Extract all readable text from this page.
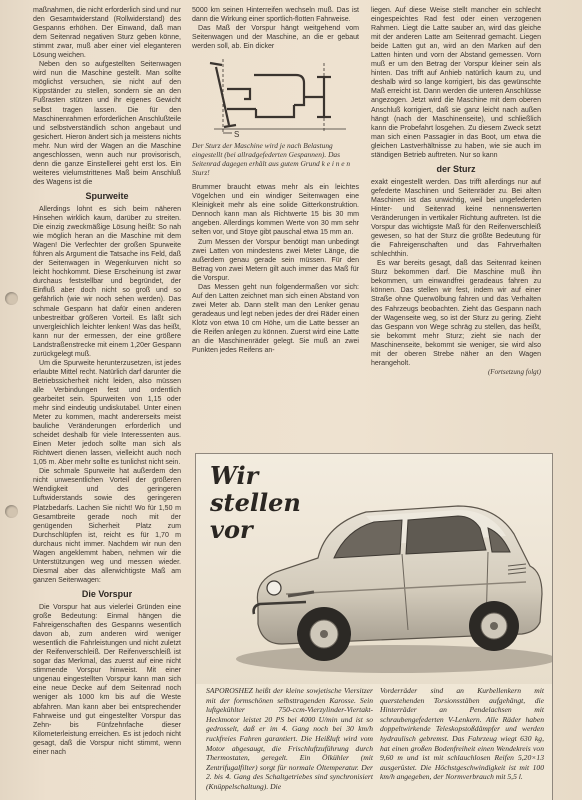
maßnahmen, die nicht erforderlich sind und nur den Gesamtwiderstand (Rollwiderstand) des Gespanns erhöhen. Der Einwand, daß man dem Seitenrad negativen Sturz geben könne, stimmt zwar, muß aber einer viel eleganteren Lösung weichen.

Neben den so aufgestellten Seitenwagen wird nun die Maschine gestellt. Man sollte möglichst versuchen, sie nicht auf den Kippständer zu stellen, sondern sie an den Fußrasten stützen und ihr eigenes Gewicht selbst tragen lassen. Die für den Maschinenrahmen erforderlichen Anschlußteile und selbstverständlich schon angebaut und gesichert. Hieron ändert sich ja meistens nichts mehr. Nun wird der Wagen an die Maschine angeschlossen, wenn auch nur provisorisch, denn die ganze Einstellerei geht erst los. Ein weiteres vielumstrittenes Maß beim Anschluß des Wagens ist die

Spurweite

Allerdings lohnt es sich beim näheren Hinsehen wirklich kaum, darüber zu streiten. Die einzig zweckmäßige Lösung heißt: So nah wie möglich heran an die Maschine mit dem Wagen! Die Verfechter der großen Spurweite führen als Argument die Tatsache ins Feld, daß der Seitenwagen in Wegenkurven nicht so leicht hochkommt. Diese Erscheinung ist zwar durchaus feststellbar und begründet, der Einfluß aber doch nicht so groß und so gefährlich (wie wir noch sehen werden). Das schmale Gespann hat dafür einen anderen unbestreitbar größeren Vorteil. Es läßt sich unvergleichlich leichter lenken! Was das heißt, kann nur der ermessen, der eine größere Landstraßenstrecke mit einem 1,20er Gespann zurückgelegt muß.

Um die Spurweite herunterzusetzen, ist jedes erlaubte Mittel recht. Natürlich darf darunter die Betriebssicherheit nicht leiden, also müssen alle Verbindungen fest und ordentlich gearbeitet sein. Spurweiten von 1,15 oder mehr sind eindeutig undiskutabel. Unter einen Meter zu kommen, macht andererseits meist bauliche Veränderungen erforderlich und scheidet deshalb für viele Interessenten aus. Einen Meter jedoch sollte man sich als Richtwert dienen lassen, vielleicht auch noch 1,05 m. Aber mehr sollte es tunlichst nicht sein.

Die schmale Spurweite hat außerdem den nicht unwesentlichen Vorteil der größeren Wendigkeit und des geringeren Luftwiderstands sowie des geringeren Platzbedarfs. Lachen Sie nicht! Wo für 1,50 m Gesamtbreite gerade noch mit der genügenden Sicherheit Platz zum Durchschlüpfen ist, reicht es für 1,70 m durchaus nicht immer. Nachdem wir nun den Wagen angeklemmt haben, nehmen wir die Unterstützungen weg und messen wieder. Diesmal aber das allerwichtigste Maß am ganzen Seitenwagen:

Die Vorspur

Die Vorspur hat aus vielerlei Gründen eine große Bedeutung: Einmal hängen die Fahreigenschaften des Gespanns wesentlich davon ab, zum anderen wird weniger wesentlich die Fahrleistungen und nicht zuletzt der Reifenverschleiß. Der Reifenverschleiß ist sogar das Merkmal, das zuerst auf eine nicht stimmende Vorspur hinweist. Mit einer ungenau eingestellten Vorspur kann man sich eine neue Decke auf dem Seitenrad noch weniger als 1000 km bis auf die Weste abfahren. Man kann aber bei entsprechender Fahrweise und gut eingestellter Vorspur das Zehn- bis Fünfzehnfache dieser Kilometerleistung erreichen. Es ist jedoch nicht gesagt, daß die Vorspur nicht stimmt, wenn einer nach

5000 km seinen Hinterreifen wechseln muß. Das ist dann die Wirkung einer sportlich-flotten Fahrweise.

Das Maß der Vorspur hängt weitgehend vom Seitenwagen und der Maschine, an die er gebaut werden soll, ab. Ein dicker

S
Der Sturz der Maschine wird je nach Belastung eingestellt (bei allradgefederten Gespannen). Das Seitenrad dagegen erhält aus gutem Grund k e i n e n Sturz!

Brummer braucht etwas mehr als ein leichtes Vögelchen und ein windiger Seitenwagen eine Kleinigkeit mehr als eine solide Gitterkonstruktion. Dennoch kann man als Richtwerte 15 bis 30 mm angeben. Allerdings kommen Werte von 30 mm sehr selten vor, und Stoye gibt pauschal etwa 15 mm an.

Zum Messen der Vorspur benötigt man unbedingt zwei Latten von mindestens zwei Meter Länge, die außerdem genau gerade sein müssen. Für den Betrag von zwei Metern gilt auch immer das Maß für die Vorspur.

Das Messen geht nun folgendermaßen vor sich: Auf den Latten zeichnet man sich einen Abstand von zwei Meter ab. Dann stellt man den Lenker genau geradeaus und legt neben jedes der drei Räder einen Klotz von etwa 10 cm Höhe, um die Latte besser an die Reifen anlegen zu können. Zuerst wird eine Latte an die Maschinenräder gelegt. Sie muß an zwei Punkten jedes Reifens an-

liegen. Auf diese Weise stellt mancher ein schlecht eingespeichtes Rad fest oder einen verzogenen Rahmen. Liegt die Latte sauber an, wird das gleiche mit der anderen Latte am Seitenrad gemacht. Liegen beide Latten gut an, wird an den Marken auf den Latten hinten und vorn der Abstand gemessen. Vorn muß er um den Betrag der Vorspur kleiner sein als hinten. Das trifft auf Anhieb natürlich kaum zu, und deshalb wird so lange korrigiert, bis das gewünschte Maß erreicht ist. Dann werden die unteren Anschlüsse angezogen. Jetzt wird die Maschine mit dem oberen Anschluß korrigiert, daß sie ganz leicht nach außen hängt (nach der Maschinenseite), und schließlich kann die Probefahrt losgehen. Zu diesem Zweck setzt man sich einen Passagier in das Boot, um etwa die gleichen Lastverhältnisse zu haben, wie sie auch im ständigen Betrieb auftreten. Nur so kann

der Sturz

exakt eingestellt werden. Das trifft allerdings nur auf gefederte Maschinen und Seitenräder zu. Bei alten Maschinen ist das unwichtig, weil bei ungefederten Hinter- und Seitenrad keine nennenswerten Veränderungen in vertikaler Richtung auftreten. Ist die Vorspur das wichtigste Maß für den Reifenverschleiß gewesen, so hat der Sturz die größte Bedeutung für die Fahreigenschaften und das Fahrverhalten schlechthin.

Es war bereits gesagt, daß das Seitenrad keinen Sturz bekommen darf. Die Maschine muß ihn bekommen, um einwandfrei geradeaus fahren zu können. Das stellen wir fest, indem wir auf einer Straße ohne Querwölbung fahren und das Verhalten des Fahrzeugs beobachten. Zieht das Gespann nach der Wagenseite weg, so ist der Sturz zu gering. Zieht das Gespann von Wege schräg zu stellen, das heißt, sie bekommt mehr Sturz; zieht sie nach der Maschinenseite, bekommt sie weniger, sie wird also mit der oberen Strebe näher an den Wagen herangeholt.

(Fortsetzung folgt)
Wir
stellen
vor
SAPOROSHEZ heißt der kleine sowjetische Viersitzer mit der formschönen selbsttragenden Karosse. Sein luftgekühlter 750-ccm-Vierzylinder-Viertakt-Heckmotor leistet 20 PS bei 4000 U/min und ist so gedrosselt, daß er im 4. Gang noch bei 30 km/h ruckfreies Fahren garantiert. Die Heißluft wird vom Motor abgesaugt, die Frischluftzuführung durch Thermostaten, geregelt. Ein Ölkühler (mit Zentrifugalfilter) sorgt für normale Öltemperatur. Der 2. bis 4. Gang des Schaltgetriebes sind synchronisiert (Knüppelschaltung). Die
Vorderräder sind an Kurbellenkern mit querstehenden Torsionsstäben aufgehängt, die Hinterräder an Pendelachsen mit schraubengefederten V-Lenkern. Alle Räder haben doppeltwirkende Teleskopstoßdämpfer und werden hydraulisch gebremst. Das Fahrzeug wiegt 630 kg, hat einen großen Bodenfreiheit einen Wendekreis von 9,60 m und ist mit schlauchlosen Reifen 5,20×13 ausgerüstet. Die Höchstgeschwindigkeit ist mit 100 km/h angegeben, der Normverbrauch mit 5,5 l.
